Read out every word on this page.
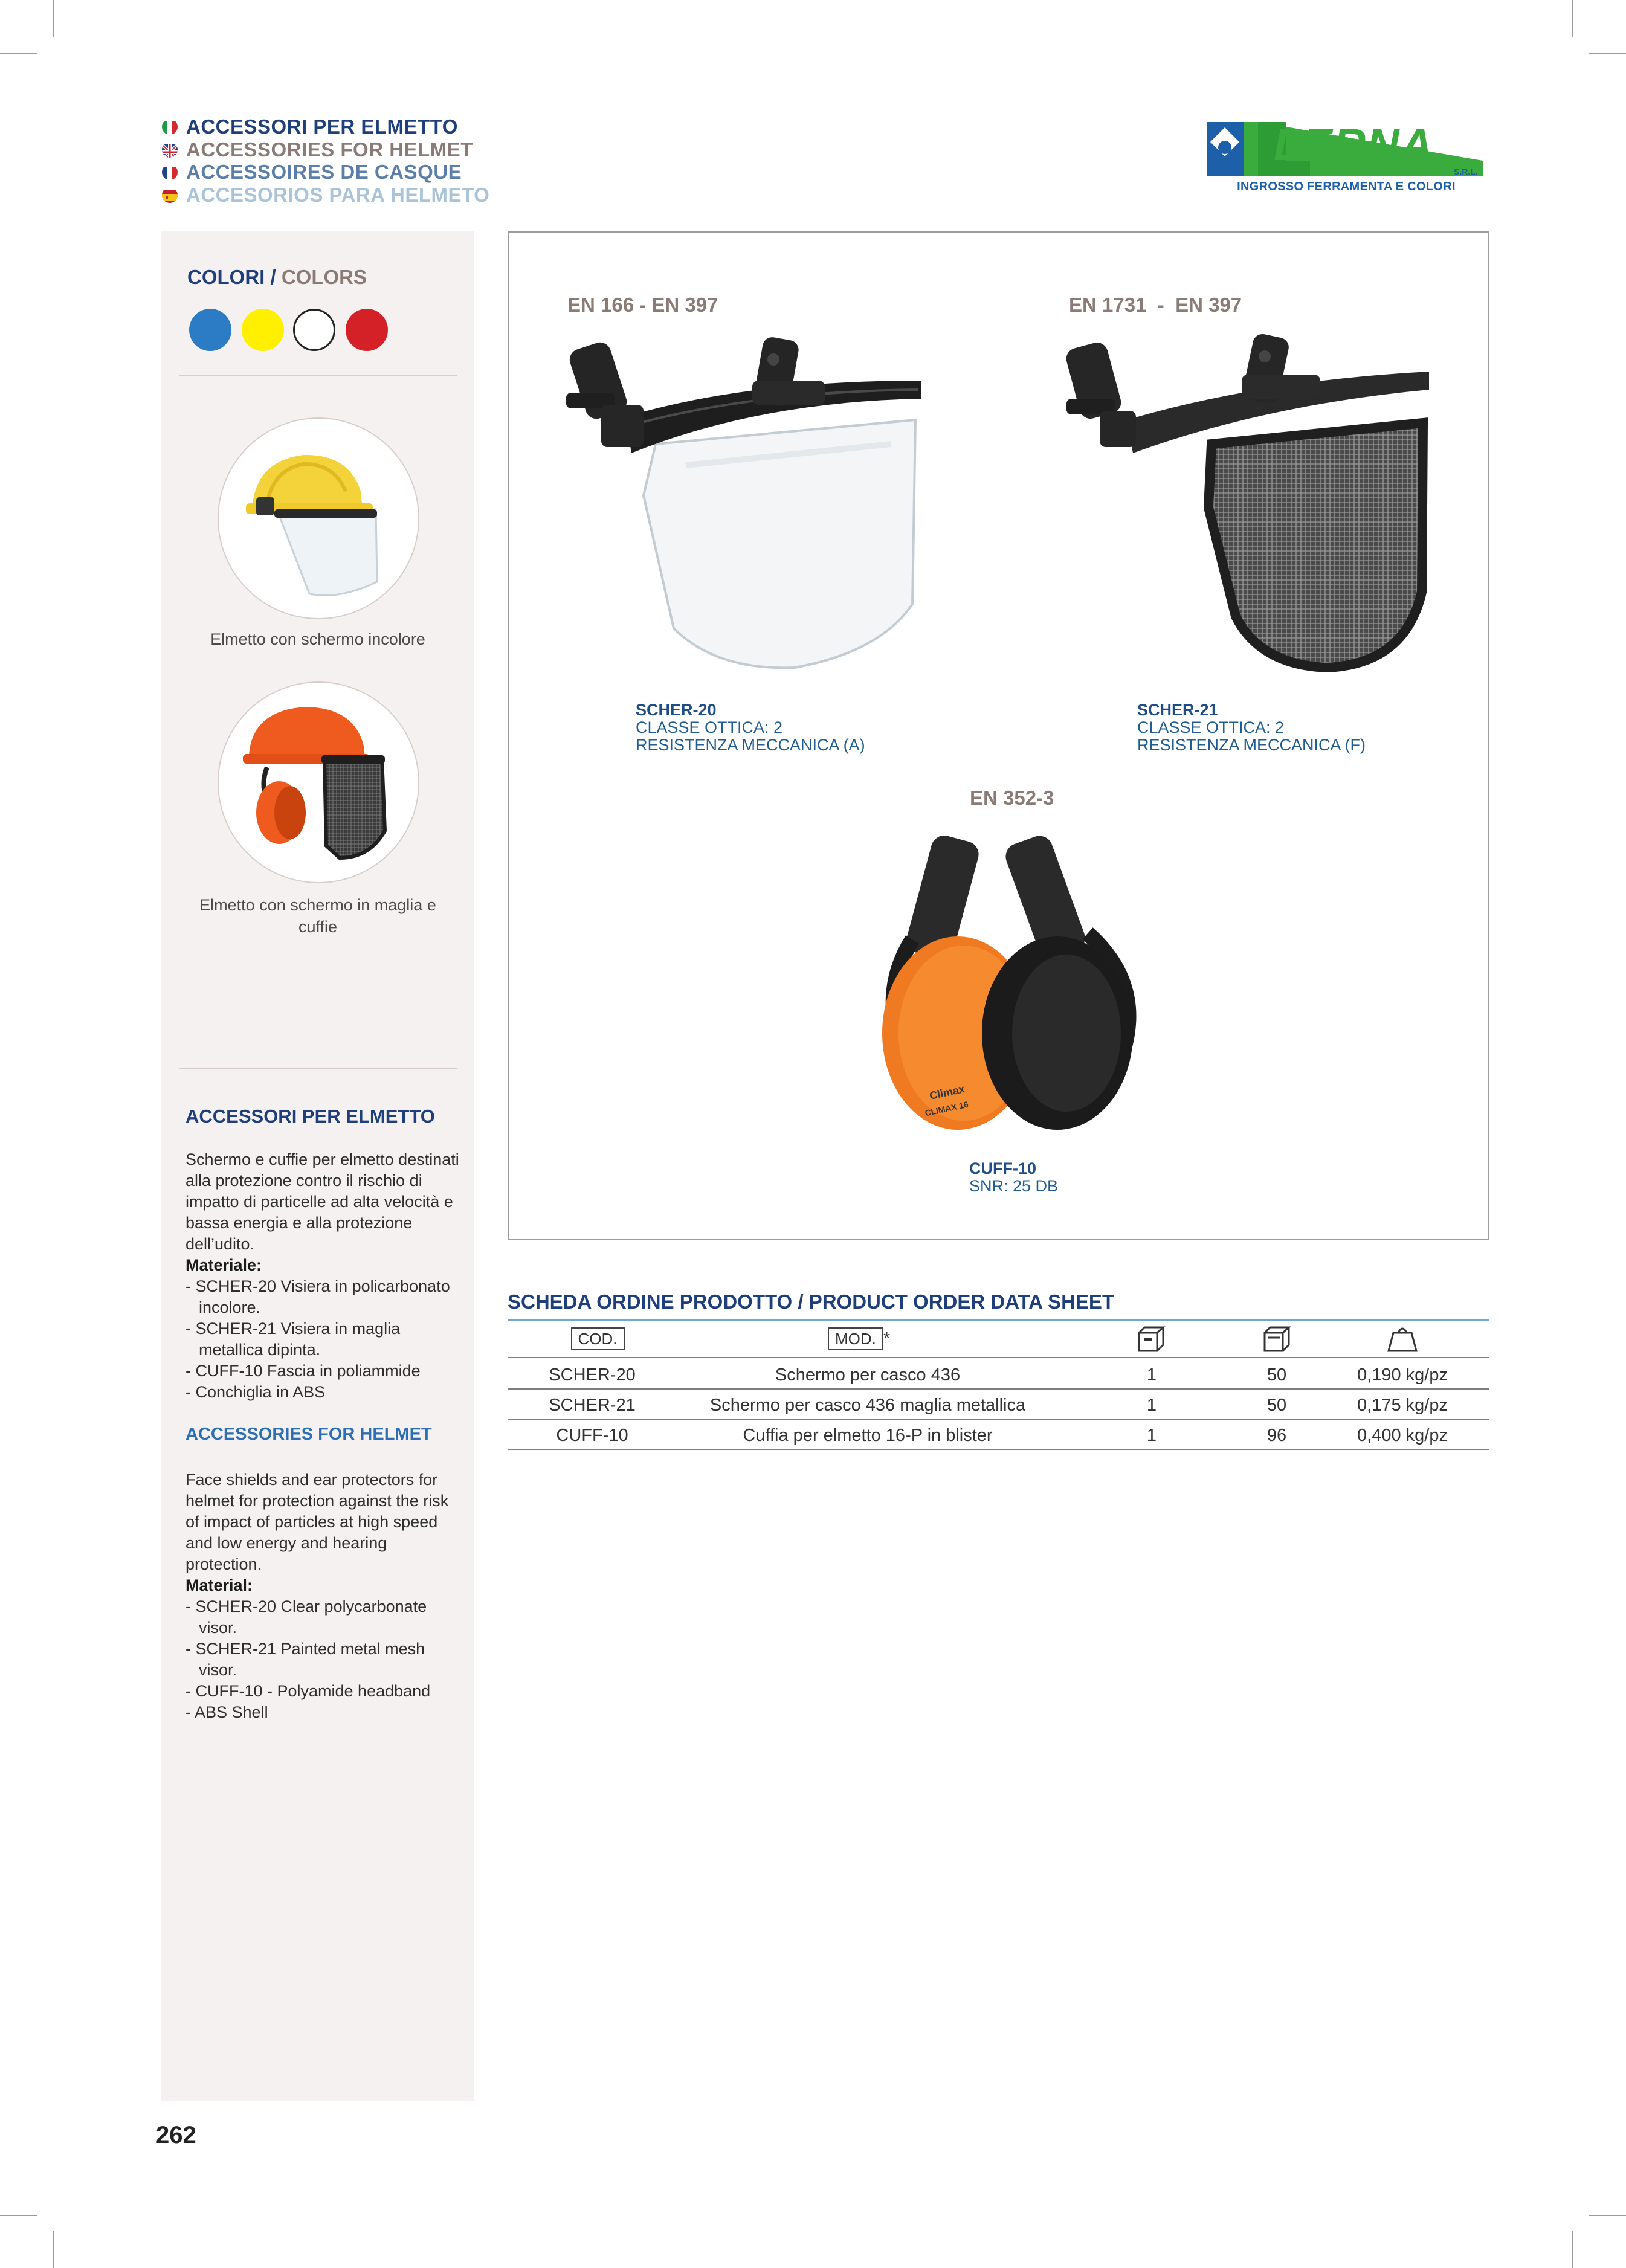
ACCESSORI PER ELMETTO
ACCESSORIES FOR HELMET
ACCESSOIRES DE CASQUE
ACCESORIOS PARA HELMETO
LERNA
S.R.L.
INGROSSO FERRAMENTA E COLORI
COLORI / COLORS
Elmetto con schermo incolore
Elmetto con schermo in maglia e cuffie
ACCESSORI PER ELMETTO
Schermo e cuffie per elmetto destinati alla protezione contro il rischio di impatto di particelle ad alta velocità e bassa energia e alla protezione dell’udito.
Materiale:
- SCHER-20 Visiera in policarbonato incolore.
- SCHER-21 Visiera in maglia metallica dipinta.
- CUFF-10 Fascia in poliammide
- Conchiglia in ABS
ACCESSORIES FOR HELMET
Face shields and ear protectors for helmet for protection against the risk of impact of particles at high speed and low energy and hearing protection.
Material:
- SCHER-20 Clear polycarbonate visor.
- SCHER-21 Painted metal mesh visor.
- CUFF-10 - Polyamide headband
- ABS Shell
EN 166 - EN 397
SCHER-20
CLASSE OTTICA: 2
RESISTENZA MECCANICA (A)
EN 1731  -  EN 397
SCHER-21
CLASSE OTTICA: 2
RESISTENZA MECCANICA (F)
EN 352-3
Climax
CLIMAX 16
CUFF-10
SNR: 25 DB
SCHEDA ORDINE PRODOTTO / PRODUCT ORDER DATA SHEET
COD.	MOD. *
SCHER-20	Schermo per casco 436	1	50	0,190 kg/pz
SCHER-21	Schermo per casco 436 maglia metallica	1	50	0,175 kg/pz
CUFF-10	Cuffia per elmetto 16-P in blister	1	96	0,400 kg/pz
262
